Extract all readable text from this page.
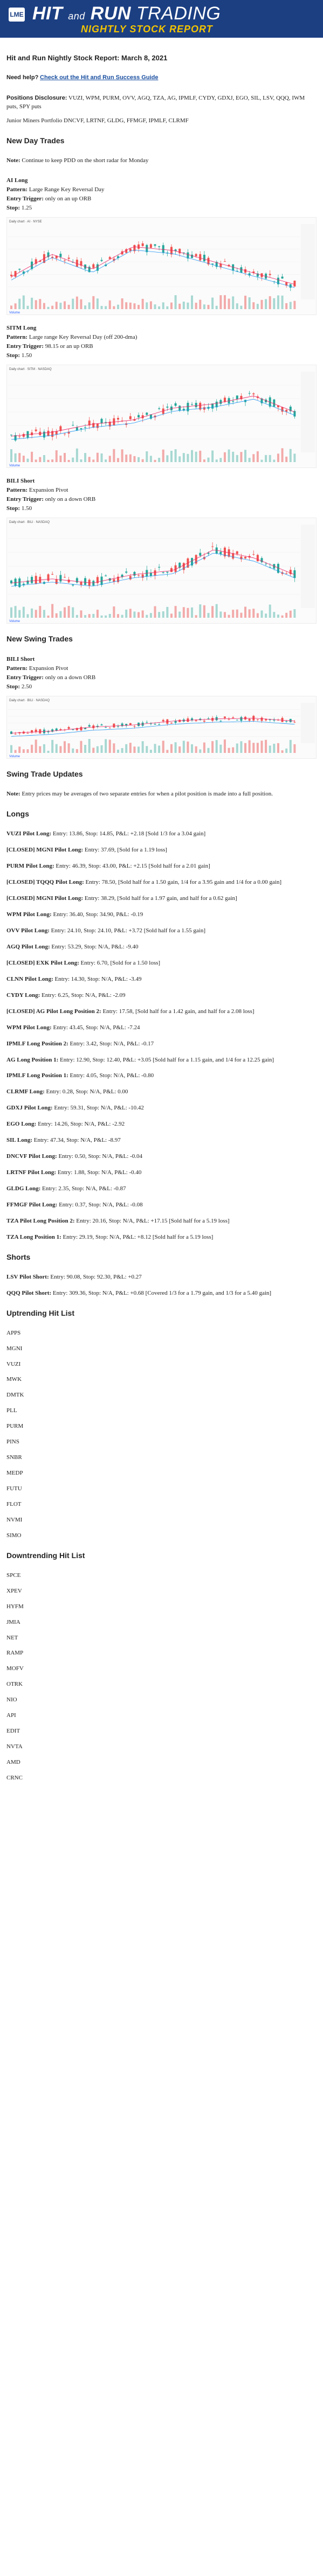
LME HIT and RUN TRADING
NIGHTLY STOCK REPORT
Hit and Run Nightly Stock Report: March 8, 2021

Need help? Check out the Hit and Run Success Guide

Positions Disclosure: VUZI, WPM, PURM, OVV, AGQ, TZA, AG, IPMLF, CYDY, GDXJ, EGO, SIL, LSV, QQQ, IWM puts, SPY puts

Junior Miners Portfolio DNCVF, LRTNF, GLDG, FFMGF, IPMLF, CLRMF

New Day Trades

Note: Continue to keep PDD on the short radar for Monday

AI Long
Pattern: Large Range Key Reversal Day
Entry Trigger: only on an up ORB
Stop: 1.25
Daily chart · AI · NYSE
Volume
SITM Long
Pattern: Large range Key Reversal Day (off 200-dma)
Entry Trigger: 98.15 or an up ORB
Stop: 1.50
Daily chart · SITM · NASDAQ
Volume
BILI Short
Pattern: Expansion Pivot
Entry Trigger: only on a down ORB
Stop: 1.50
Daily chart · BILI · NASDAQ
Volume
New Swing Trades
BILI Short
Pattern: Expansion Pivot
Entry Trigger: only on a down ORB
Stop: 2.50
Daily chart · BILI · NASDAQ
Volume
Swing Trade Updates

Note: Entry prices may be averages of two separate entries for when a pilot position is made into a full position.

Longs

VUZI Pilot Long: Entry: 13.86, Stop: 14.85, P&L: +2.18 [Sold 1/3 for a 3.04 gain]

[CLOSED] MGNI Pilot Long: Entry: 37.69, [Sold for a 1.19 loss]

PURM Pilot Long: Entry: 46.39, Stop: 43.00, P&L: +2.15 [Sold half for a 2.01 gain]

[CLOSED] TQQQ Pilot Long: Entry: 78.50, [Sold half for a 1.50 gain, 1/4 for a 3.95 gain and 1/4 for a 0.00 gain]

[CLOSED] MGNI Pilot Long: Entry: 38.29, [Sold half for a 1.97 gain, and half for a 0.62 gain]

WPM Pilot Long: Entry: 36.40, Stop: 34.90, P&L: -0.19

OVV Pilot Long: Entry: 24.10, Stop: 24.10, P&L: +3.72 [Sold half for a 1.55 gain]

AGQ Pilot Long: Entry: 53.29, Stop: N/A, P&L: -9.40

[CLOSED] EXK Pilot Long: Entry: 6.70, [Sold for a 1.50 loss]

CLNN Pilot Long: Entry: 14.30, Stop: N/A, P&L: -3.49

CYDY Long: Entry: 6.25, Stop: N/A, P&L: -2.09

[CLOSED] AG Pilot Long Position 2: Entry: 17.58, [Sold half for a 1.42 gain, and half for a 2.08 loss]

WPM Pilot Long: Entry: 43.45, Stop: N/A, P&L: -7.24

IPMLF Long Position 2: Entry: 3.42, Stop: N/A, P&L: -0.17

AG Long Position 1: Entry: 12.90, Stop: 12.40, P&L: +3.05 [Sold half for a 1.15 gain, and 1/4 for a 12.25 gain]

IPMLF Long Position 1: Entry: 4.05, Stop: N/A, P&L: -0.80

CLRMF Long: Entry: 0.28, Stop: N/A, P&L: 0.00

GDXJ Pilot Long: Entry: 59.31, Stop: N/A, P&L: -10.42

EGO Long: Entry: 14.26, Stop: N/A, P&L: -2.92

SIL Long: Entry: 47.34, Stop: N/A, P&L: -8.97

DNCVF Pilot Long: Entry: 0.50, Stop: N/A, P&L: -0.04

LRTNF Pilot Long: Entry: 1.88, Stop: N/A, P&L: -0.40

GLDG Long: Entry: 2.35, Stop: N/A, P&L: -0.87

FFMGF Pilot Long: Entry: 0.37, Stop: N/A, P&L: -0.08

TZA Pilot Long Position 2: Entry: 20.16, Stop: N/A, P&L: +17.15 [Sold half for a 5.19 loss]

TZA Long Position 1: Entry: 29.19, Stop: N/A, P&L: +8.12 [Sold half for a 5.19 loss]

Shorts

LSV Pilot Short: Entry: 90.08, Stop: 92.30, P&L: +0.27

QQQ Pilot Short: Entry: 309.36, Stop: N/A, P&L: +0.68 [Covered 1/3 for a 1.79 gain, and 1/3 for a 5.40 gain]

Uptrending Hit List
APPS
MGNI
VUZI
MWK
DMTK
PLL
PURM
PINS
SNBR
MEDP
FUTU
FLOT
NVMI
SIMO
Downtrending Hit List
SPCE
XPEV
HYFM
JMIA
NET
RAMP
MOFV
OTRK
NIO
API
EDIT
NVTA
AMD
CRNC
